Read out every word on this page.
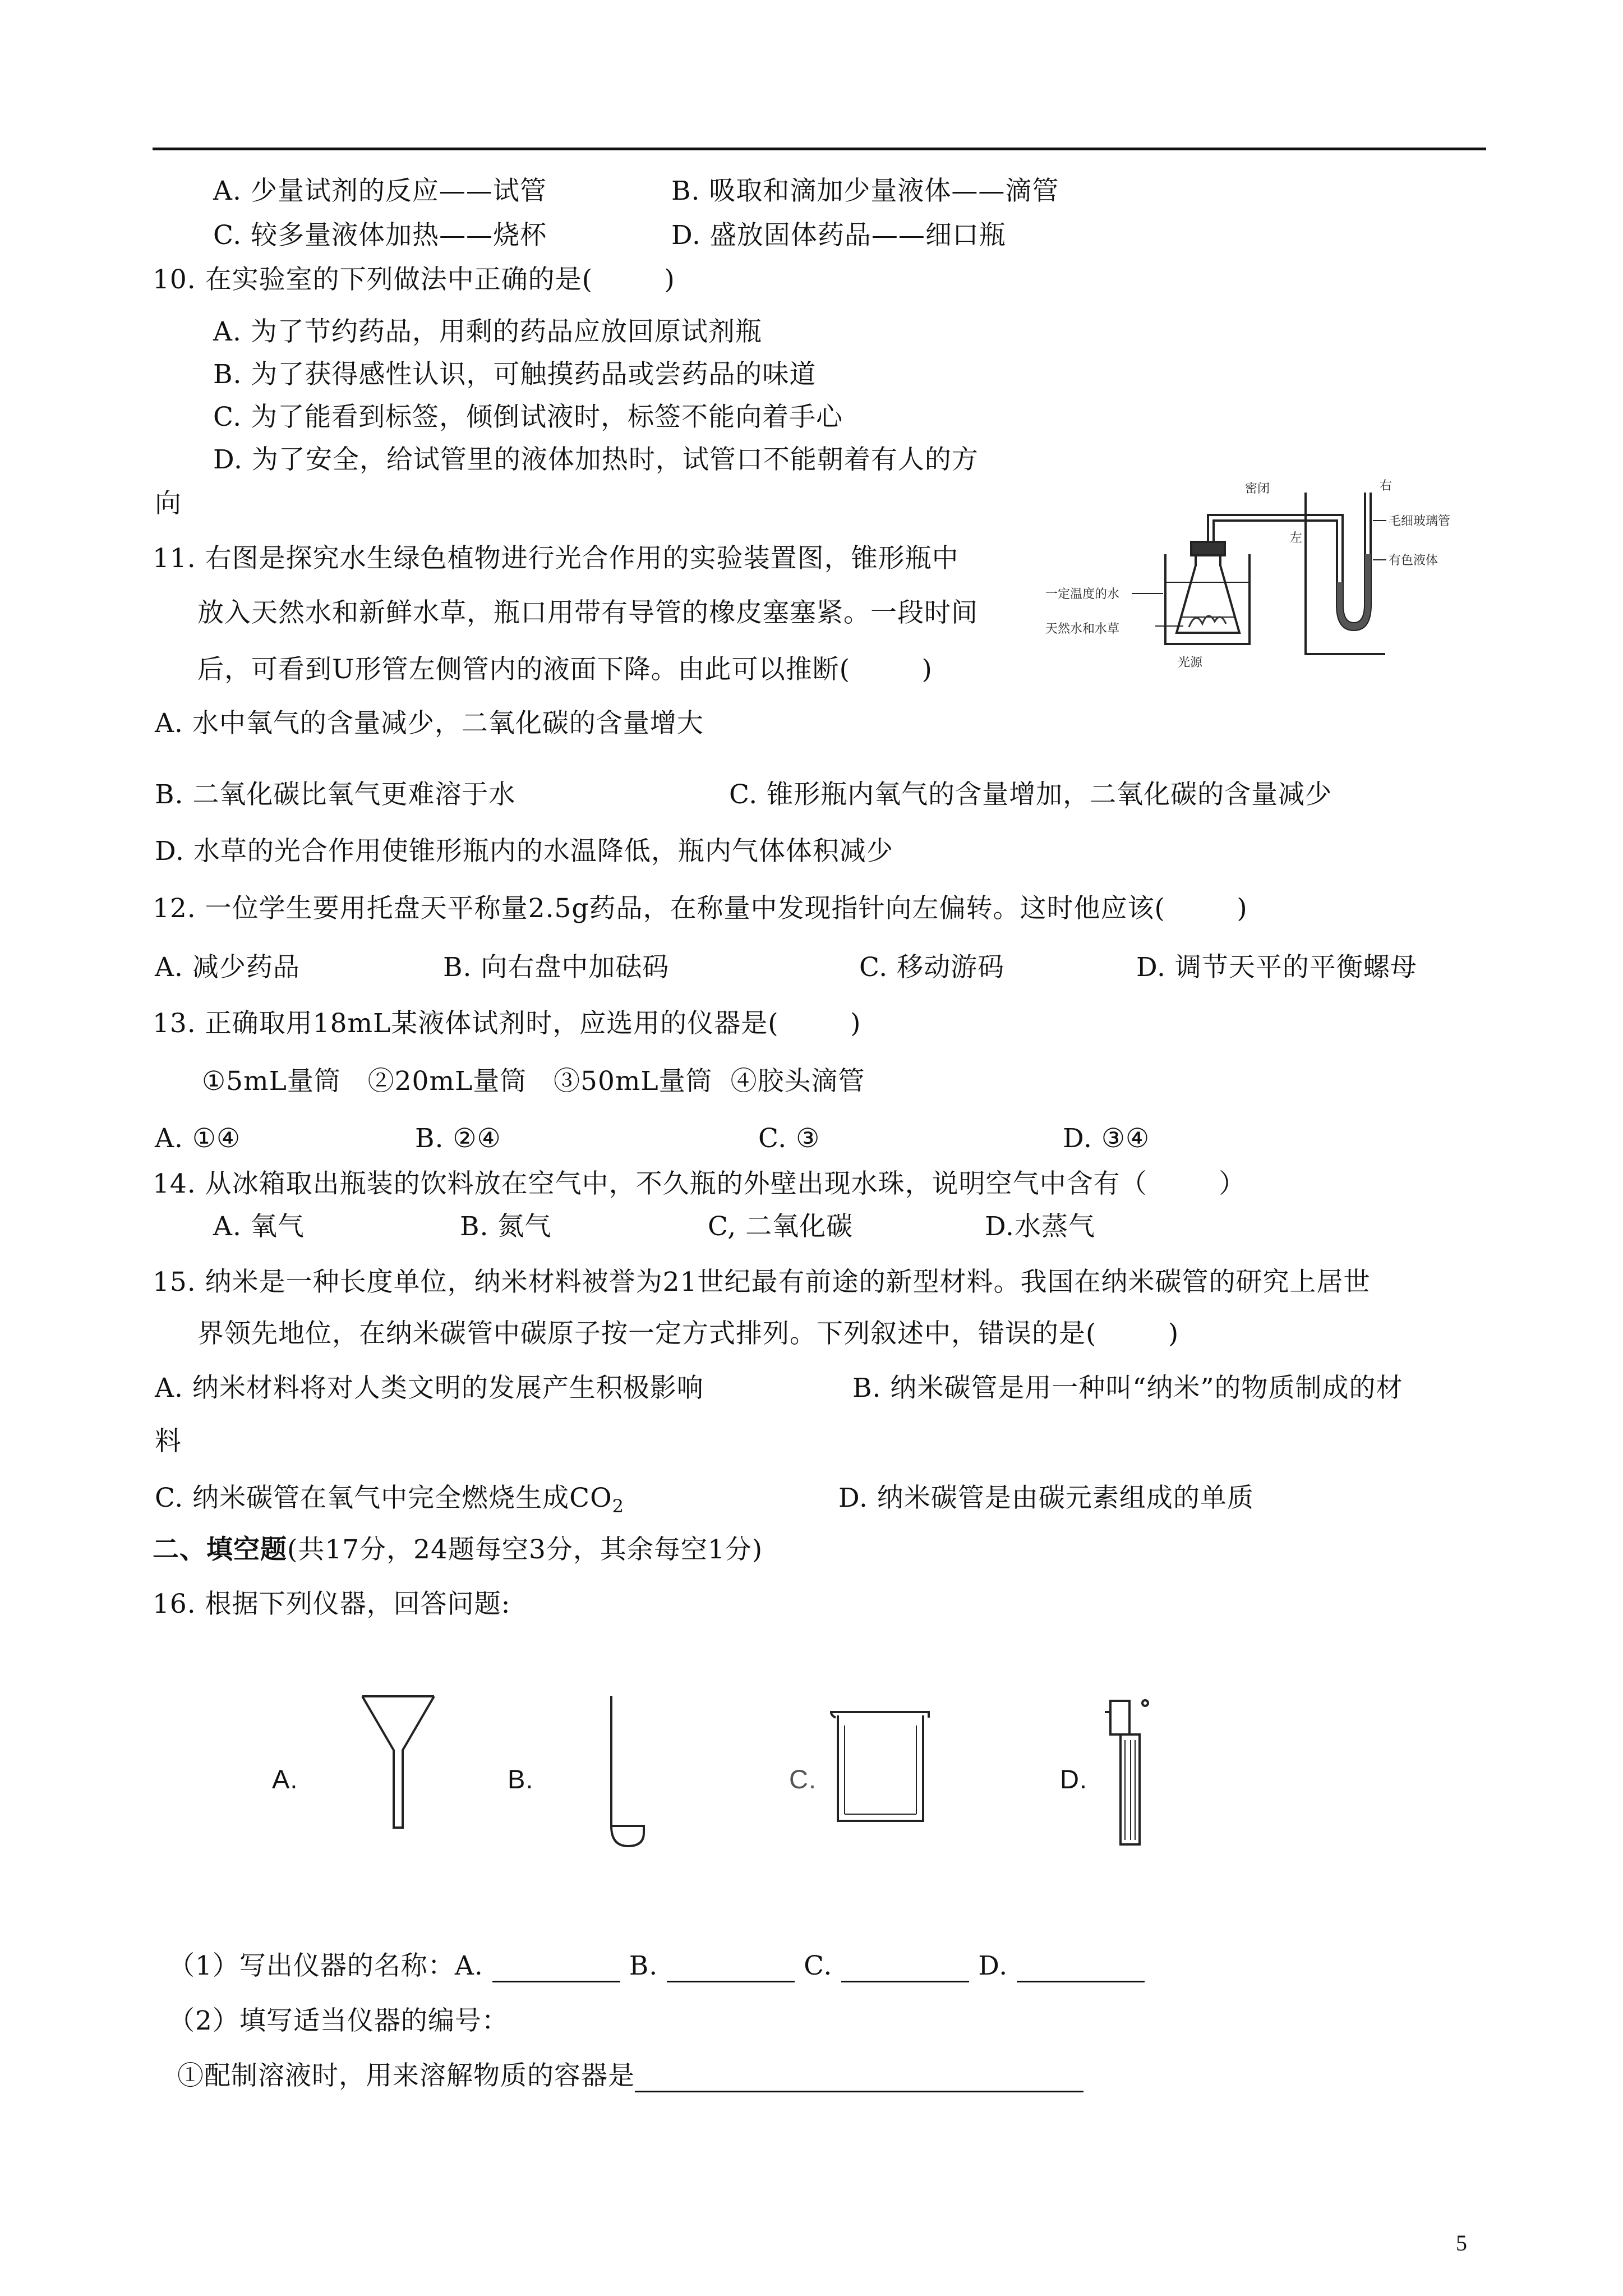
A. 少量试剂的反应——试管	B. 吸取和滴加少量液体——滴管
C. 较多量液体加热——烧杯	D. 盛放固体药品——细口瓶
10. 在实验室的下列做法中正确的是(        )
A. 为了节约药品，用剩的药品应放回原试剂瓶
B. 为了获得感性认识，可触摸药品或尝药品的味道
C. 为了能看到标签，倾倒试液时，标签不能向着手心
D. 为了安全，给试管里的液体加热时，试管口不能朝着有人的方
向
11. 右图是探究水生绿色植物进行光合作用的实验装置图，锥形瓶中
放入天然水和新鲜水草，瓶口用带有导管的橡皮塞塞紧。一段时间
后，可看到U形管左侧管内的液面下降。由此可以推断(        )
密闭	右
左
毛细玻璃管
有色液体
一定温度的水
天然水和水草
光源
A. 水中氧气的含量减少，二氧化碳的含量增大
B. 二氧化碳比氧气更难溶于水	C. 锥形瓶内氧气的含量增加，二氧化碳的含量减少
D. 水草的光合作用使锥形瓶内的水温降低，瓶内气体体积减少
12. 一位学生要用托盘天平称量2.5g药品，在称量中发现指针向左偏转。这时他应该(        )
A. 减少药品	B. 向右盘中加砝码	C. 移动游码	D. 调节天平的平衡螺母
13. 正确取用18mL某液体试剂时，应选用的仪器是(        )
①5mL量筒   ②20mL量筒   ③50mL量筒  ④胶头滴管
A. ①④	B. ②④	C. ③	D. ③④
14. 从冰箱取出瓶装的饮料放在空气中，不久瓶的外壁出现水珠，说明空气中含有（        ）
A. 氧气	B. 氮气	C, 二氧化碳	D.水蒸气
15. 纳米是一种长度单位，纳米材料被誉为21世纪最有前途的新型材料。我国在纳米碳管的研究上居世
界领先地位，在纳米碳管中碳原子按一定方式排列。下列叙述中，错误的是(        )
A. 纳米材料将对人类文明的发展产生积极影响	B. 纳米碳管是用一种叫“纳米”的物质制成的材
料
C. 纳米碳管在氧气中完全燃烧生成$CO_2$	D. 纳米碳管是由碳元素组成的单质
二、填空题(共17分，24题每空3分，其余每空1分)
16. 根据下列仪器，回答问题:
A.	B.	C.	D.
（1）写出仪器的名称：A.	B.	C.	D.
（2）填写适当仪器的编号：
①配制溶液时，用来溶解物质的容器是
5
